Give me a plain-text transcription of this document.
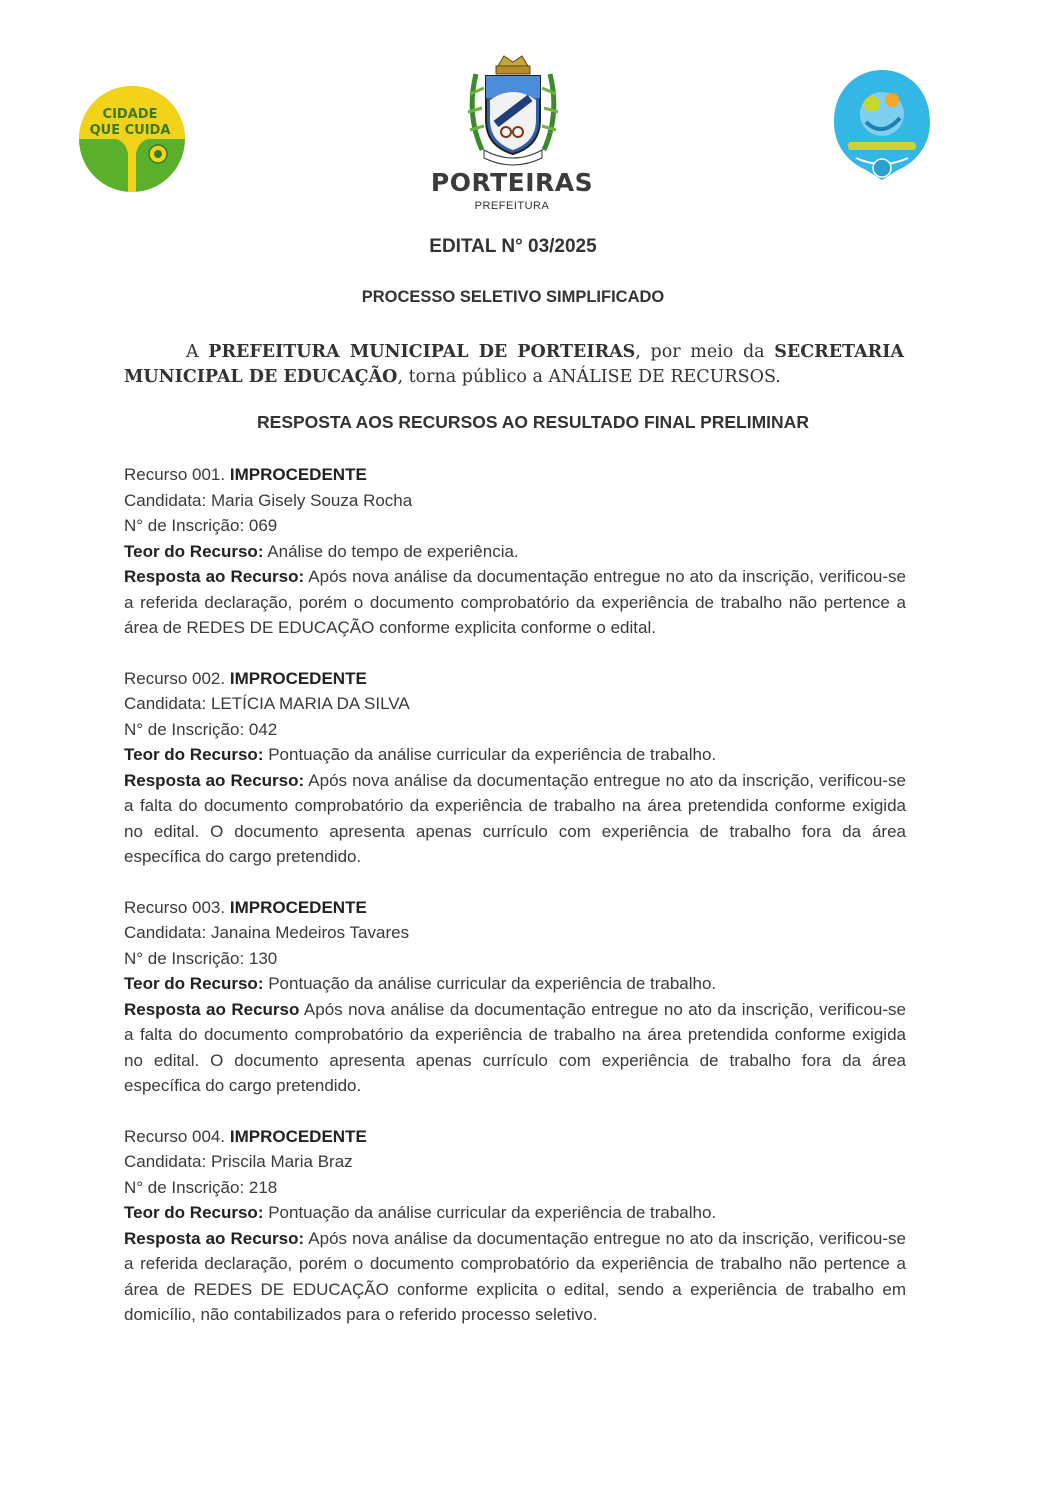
CIDADE
QUE CUIDA
PORTEIRAS
PREFEITURA
EDITAL N° 03/2025
PROCESSO SELETIVO SIMPLIFICADO
A PREFEITURA MUNICIPAL DE PORTEIRAS, por meio da SECRETARIA MUNICIPAL DE EDUCAÇÃO, torna público a ANÁLISE DE RECURSOS.
RESPOSTA AOS RECURSOS AO RESULTADO FINAL PRELIMINAR
Recurso 001. IMPROCEDENTE
Candidata: Maria Gisely Souza Rocha
N° de Inscrição: 069
Teor do Recurso: Análise do tempo de experiência.
Resposta ao Recurso: Após nova análise da documentação entregue no ato da inscrição, verificou-se a referida declaração, porém o documento comprobatório da experiência de trabalho não pertence a área de REDES DE EDUCAÇÃO conforme explicita conforme o edital.
Recurso 002. IMPROCEDENTE
Candidata: LETÍCIA MARIA DA SILVA
N° de Inscrição: 042
Teor do Recurso: Pontuação da análise curricular da experiência de trabalho.
Resposta ao Recurso: Após nova análise da documentação entregue no ato da inscrição, verificou-se a falta do documento comprobatório da experiência de trabalho na área pretendida conforme exigida no edital. O documento apresenta apenas currículo com experiência de trabalho fora da área específica do cargo pretendido.
Recurso 003. IMPROCEDENTE
Candidata: Janaina Medeiros Tavares
N° de Inscrição: 130
Teor do Recurso: Pontuação da análise curricular da experiência de trabalho.
Resposta ao Recurso Após nova análise da documentação entregue no ato da inscrição, verificou-se a falta do documento comprobatório da experiência de trabalho na área pretendida conforme exigida no edital. O documento apresenta apenas currículo com experiência de trabalho fora da área específica do cargo pretendido.
Recurso 004. IMPROCEDENTE
Candidata: Priscila Maria Braz
N° de Inscrição: 218
Teor do Recurso: Pontuação da análise curricular da experiência de trabalho.
Resposta ao Recurso: Após nova análise da documentação entregue no ato da inscrição, verificou-se a referida declaração, porém o documento comprobatório da experiência de trabalho não pertence a área de REDES DE EDUCAÇÃO conforme explicita o edital, sendo a experiência de trabalho em domicílio, não contabilizados para o referido processo seletivo.
